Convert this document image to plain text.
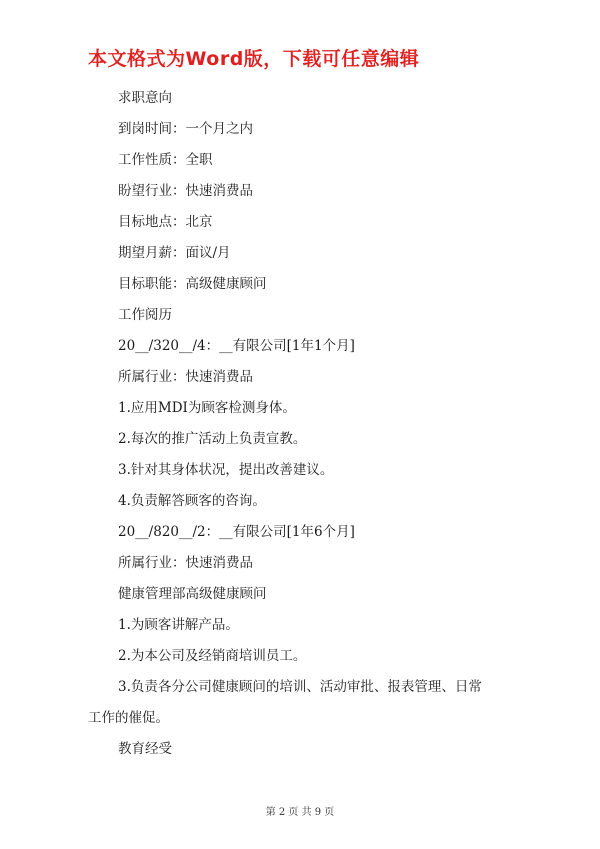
本文格式为Word版，下载可任意编辑
求职意向
到岗时间：一个月之内
工作性质：全职
盼望行业：快速消费品
目标地点：北京
期望月薪：面议/月
目标职能：高级健康顾问
工作阅历
20__/320__/4：__有限公司[1年1个月]
所属行业：快速消费品
1.应用MDI为顾客检测身体。
2.每次的推广活动上负责宣教。
3.针对其身体状况，提出改善建议。
4.负责解答顾客的咨询。
20__/820__/2：__有限公司[1年6个月]
所属行业：快速消费品
健康管理部高级健康顾问
1.为顾客讲解产品。
2.为本公司及经销商培训员工。
3.负责各分公司健康顾问的培训、活动审批、报表管理、日常
工作的催促。
教育经受
第 2 页 共 9 页
